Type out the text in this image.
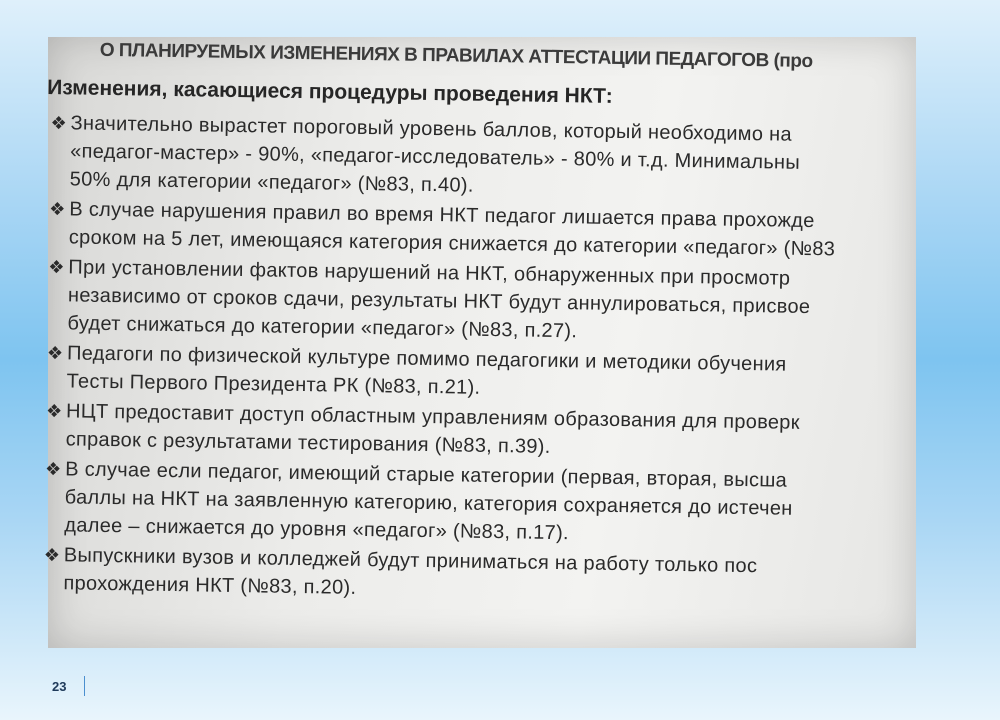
О ПЛАНИРУЕМЫХ ИЗМЕНЕНИЯХ В ПРАВИЛАХ АТТЕСТАЦИИ ПЕДАГОГОВ (про
Изменения, касающиеся процедуры проведения НКТ:
❖ Значительно вырастет пороговый уровень баллов, который необходимо на
«педагог-мастер» - 90%, «педагог-исследователь» - 80% и т.д. Минимальны
50% для категории «педагог» (№83, п.40).
❖ В случае нарушения правил во время НКТ педагог лишается права прохожде
сроком на 5 лет, имеющаяся категория снижается до категории «педагог» (№83
❖ При установлении фактов нарушений на НКТ, обнаруженных при просмотр
независимо от сроков сдачи, результаты НКТ будут аннулироваться, присвое
будет снижаться до категории «педагог» (№83, п.27).
❖ Педагоги по физической культуре помимо педагогики и методики обучения
Тесты Первого Президента РК (№83, п.21).
❖ НЦТ предоставит доступ областным управлениям образования для проверк
справок с результатами тестирования (№83, п.39).
❖ В случае если педагог, имеющий старые категории (первая, вторая, высша
баллы на НКТ на заявленную категорию, категория сохраняется до истечен
далее – снижается до уровня «педагог» (№83, п.17).
❖ Выпускники вузов и колледжей будут приниматься на работу только пос
прохождения НКТ (№83, п.20).
23
